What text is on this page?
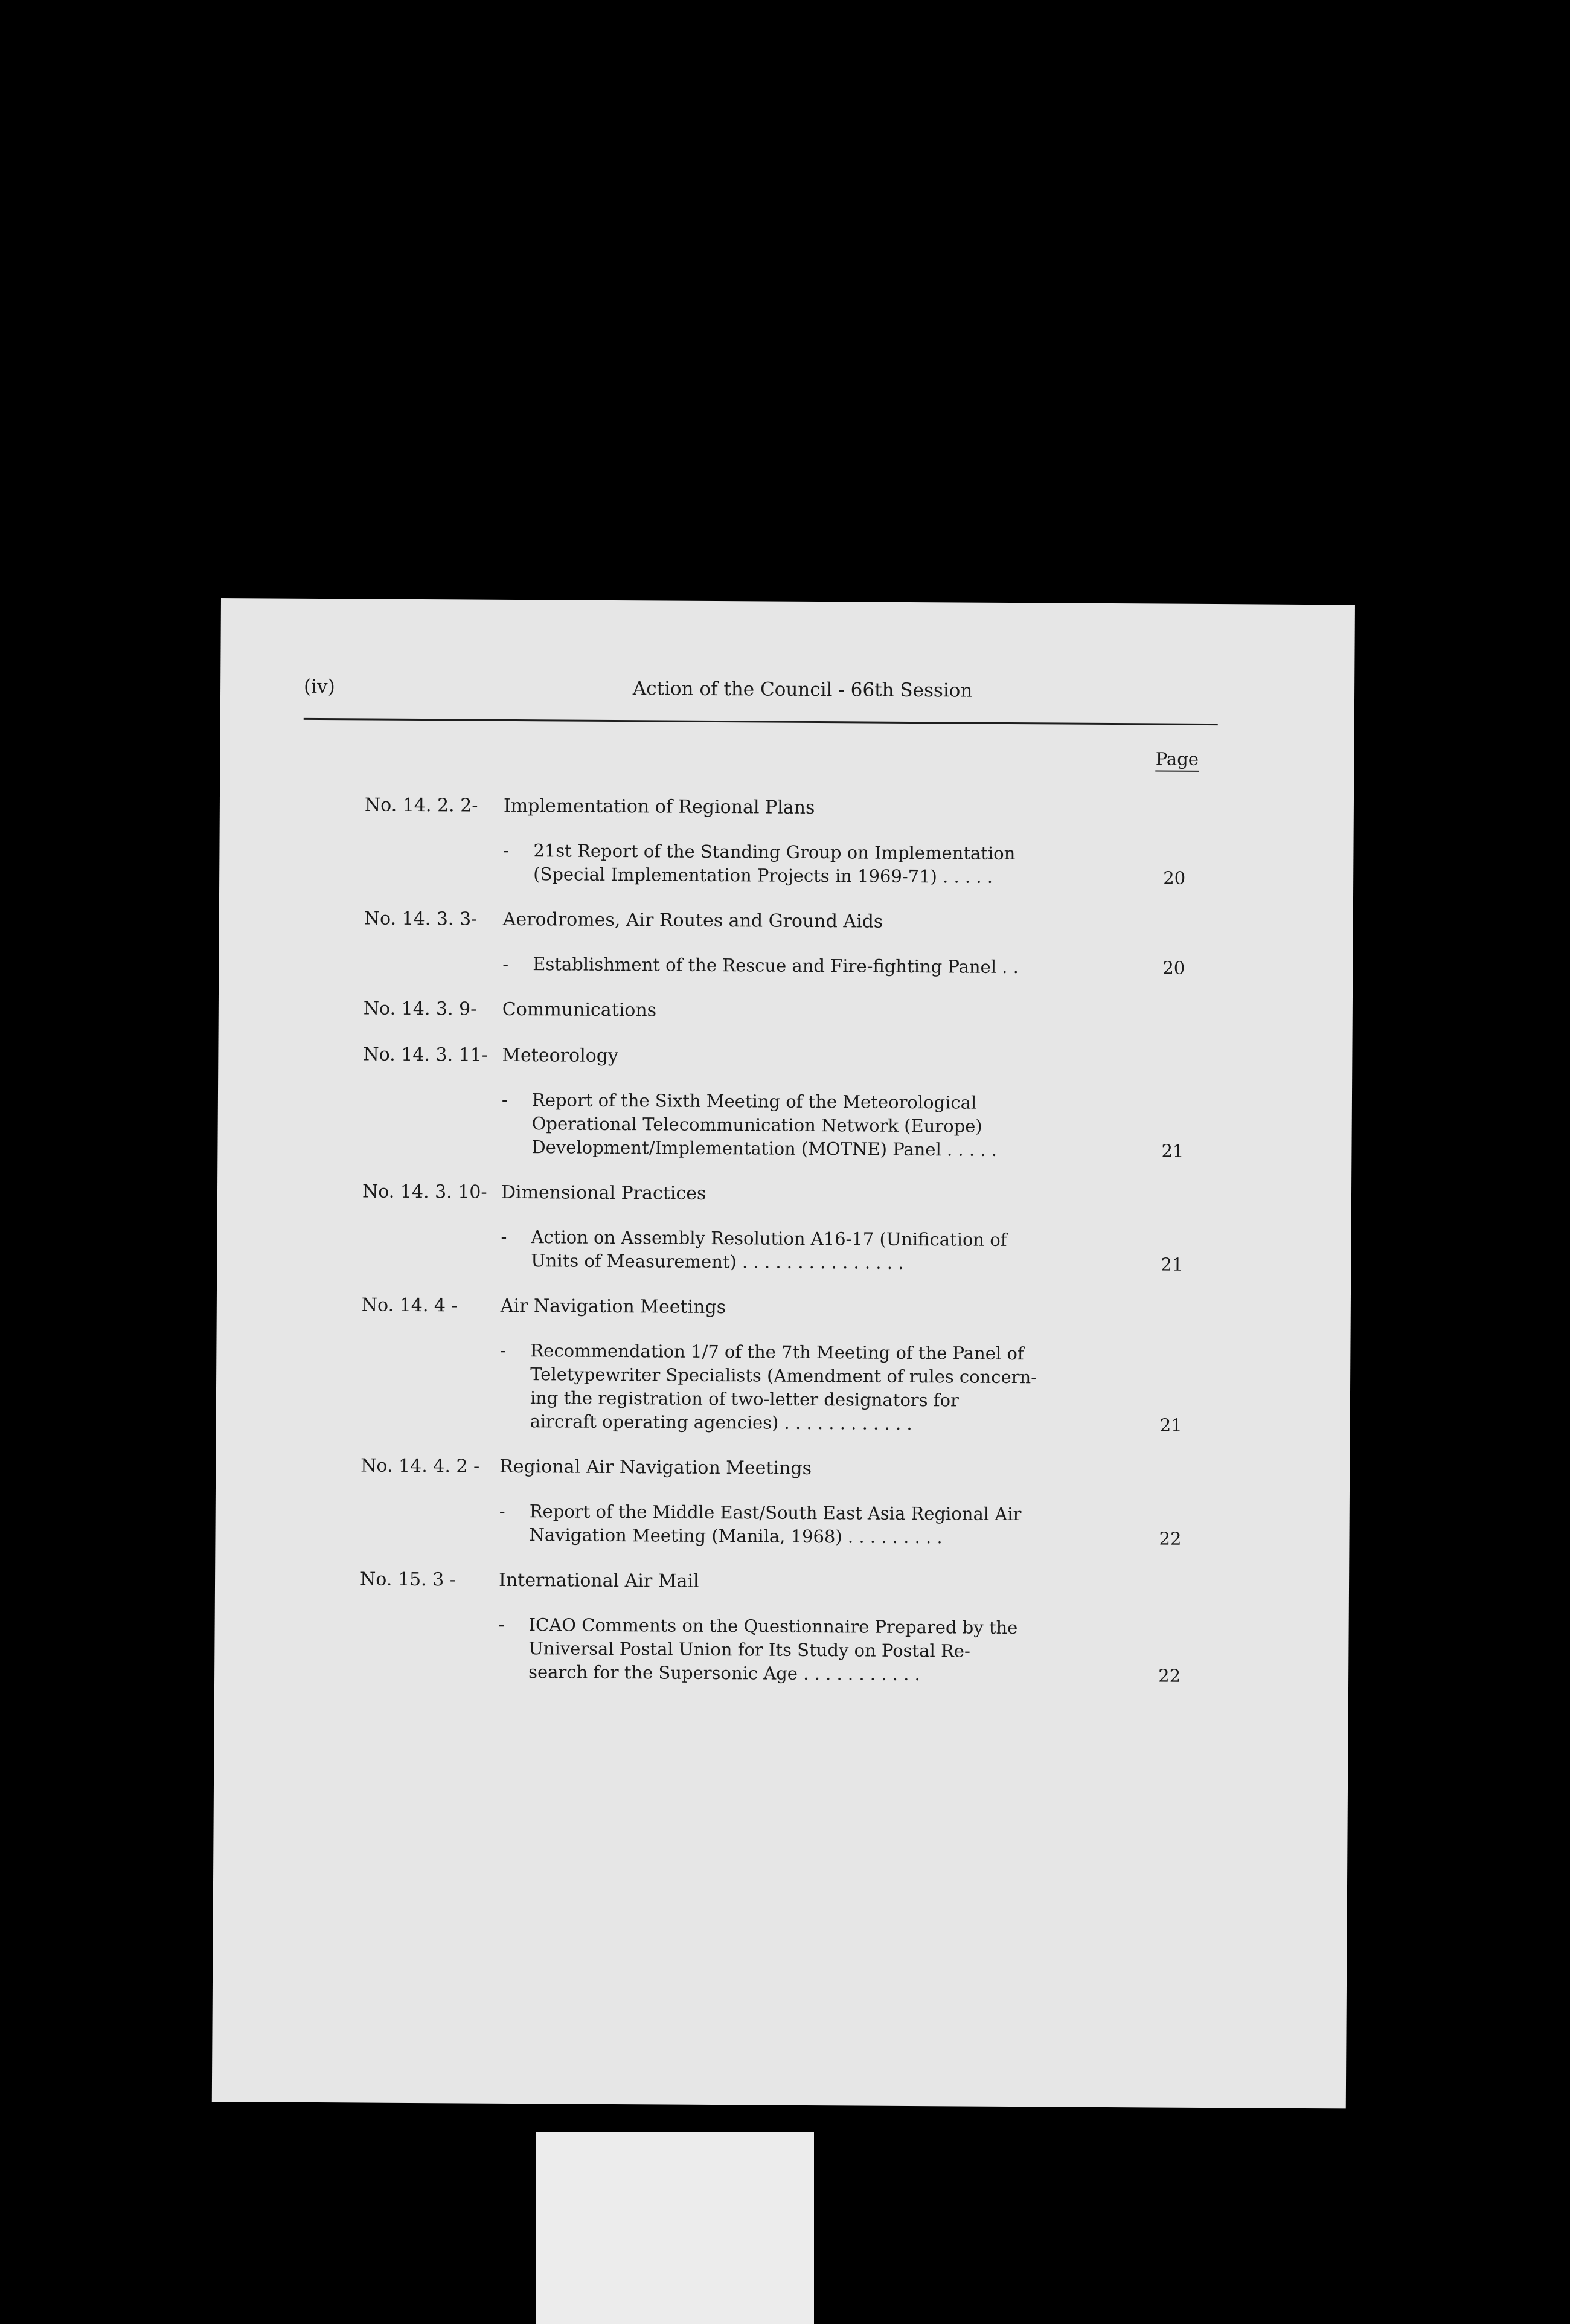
(iv)	Action of the Council - 66th Session
Page
No. 14. 2. 2-	Implementation of Regional Plans
-	21st Report of the Standing Group on Implementation
(Special Implementation Projects in 1969-71) . . . . .	20
No. 14. 3. 3-	Aerodromes, Air Routes and Ground Aids
-	Establishment of the Rescue and Fire-fighting Panel . .	20
No. 14. 3. 9-	Communications
No. 14. 3. 11- Meteorology
-	Report of the Sixth Meeting of the Meteorological
Operational Telecommunication Network (Europe)
Development/Implementation (MOTNE) Panel . . . . .	21
No. 14. 3. 10- Dimensional Practices
-	Action on Assembly Resolution A16-17 (Unification of
Units of Measurement) . . . . . . . . . . . . . . .	21
No. 14. 4 -	Air Navigation Meetings
-	Recommendation 1/7 of the 7th Meeting of the Panel of
Teletypewriter Specialists (Amendment of rules concern-
ing the registration of two-letter designators for
aircraft operating agencies) . . . . . . . . . . . .	21
No. 14. 4. 2 -	Regional Air Navigation Meetings
-	Report of the Middle East/South East Asia Regional Air
Navigation Meeting (Manila, 1968) . . . . . . . . .	22
No. 15. 3 -	International Air Mail
-	ICAO Comments on the Questionnaire Prepared by the
Universal Postal Union for Its Study on Postal Re-
search for the Supersonic Age . . . . . . . . . . .	22
